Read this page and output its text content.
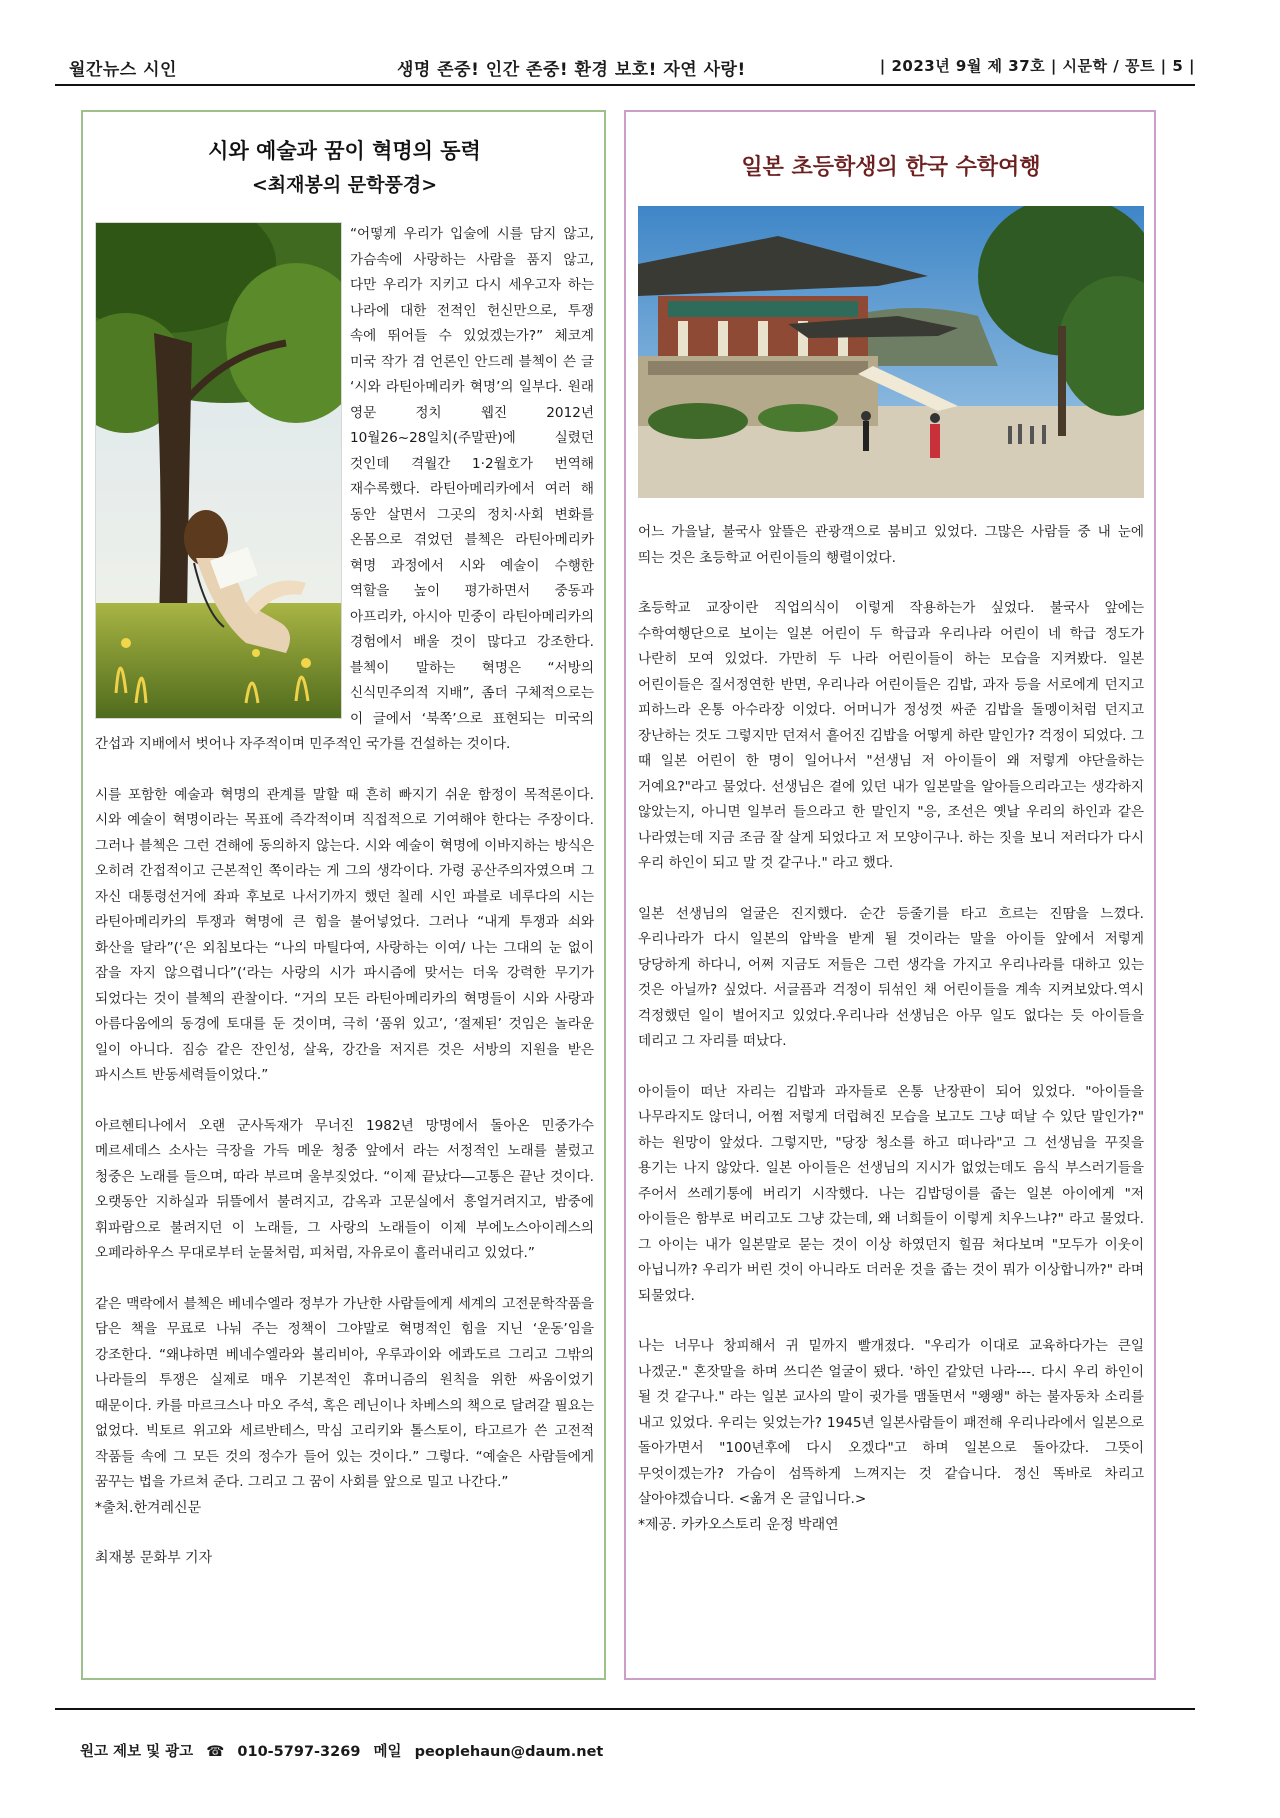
월간뉴스 시인	생명 존중! 인간 존중! 환경 보호! 자연 사랑!	| 2023년 9월 제 37호 | 시문학 / 꽁트 | 5 |
시와 예술과 꿈이 혁명의 동력
<최재봉의 문학풍경>

“어떻게 우리가 입술에 시를 담지 않고, 가슴속에 사랑하는 사람을 품지 않고, 다만 우리가 지키고 다시 세우고자 하는 나라에 대한 전적인 헌신만으로, 투쟁 속에 뛰어들 수 있었겠는가?” 체코계 미국 작가 겸 언론인 안드레 블첵이 쓴 글 ‘시와 라틴아메리카 혁명’의 일부다. 원래 영문 정치 웹진 2012년 10월26~28일치(주말판)에 실렸던 것인데 격월간 1·2월호가 번역해 재수록했다. 라틴아메리카에서 여러 해 동안 살면서 그곳의 정치·사회 변화를 온몸으로 겪었던 블첵은 라틴아메리카 혁명 과정에서 시와 예술이 수행한 역할을 높이 평가하면서 중동과 아프리카, 아시아 민중이 라틴아메리카의 경험에서 배울 것이 많다고 강조한다. 블첵이 말하는 혁명은 “서방의 신식민주의적 지배”, 좀더 구체적으로는 이 글에서 ‘북쪽’으로 표현되는 미국의 간섭과 지배에서 벗어나 자주적이며 민주적인 국가를 건설하는 것이다.

시를 포함한 예술과 혁명의 관계를 말할 때 흔히 빠지기 쉬운 함정이 목적론이다. 시와 예술이 혁명이라는 목표에 즉각적이며 직접적으로 기여해야 한다는 주장이다. 그러나 블첵은 그런 견해에 동의하지 않는다. 시와 예술이 혁명에 이바지하는 방식은 오히려 간접적이고 근본적인 쪽이라는 게 그의 생각이다. 가령 공산주의자였으며 그 자신 대통령선거에 좌파 후보로 나서기까지 했던 칠레 시인 파블로 네루다의 시는 라틴아메리카의 투쟁과 혁명에 큰 힘을 불어넣었다. 그러나 “내게 투쟁과 쇠와 화산을 달라”(‘은 외침보다는 “나의 마틸다여, 사랑하는 이여/ 나는 그대의 눈 없이 잠을 자지 않으렵니다”(‘라는 사랑의 시가 파시즘에 맞서는 더욱 강력한 무기가 되었다는 것이 블첵의 관찰이다. “거의 모든 라틴아메리카의 혁명들이 시와 사랑과 아름다움에의 동경에 토대를 둔 것이며, 극히 ‘품위 있고’, ‘절제된’ 것임은 놀라운 일이 아니다. 짐승 같은 잔인성, 살육, 강간을 저지른 것은 서방의 지원을 받은 파시스트 반동세력들이었다.”

아르헨티나에서 오랜 군사독재가 무너진 1982년 망명에서 돌아온 민중가수 메르세데스 소사는 극장을 가득 메운 청중 앞에서 라는 서정적인 노래를 불렀고 청중은 노래를 들으며, 따라 부르며 울부짖었다. “이제 끝났다―고통은 끝난 것이다. 오랫동안 지하실과 뒤뜰에서 불려지고, 감옥과 고문실에서 흥얼거려지고, 밤중에 휘파람으로 불려지던 이 노래들, 그 사랑의 노래들이 이제 부에노스아이레스의 오페라하우스 무대로부터 눈물처럼, 피처럼, 자유로이 흘러내리고 있었다.”

같은 맥락에서 블첵은 베네수엘라 정부가 가난한 사람들에게 세계의 고전문학작품을 담은 책을 무료로 나눠 주는 정책이 그야말로 혁명적인 힘을 지닌 ‘운동’임을 강조한다. “왜냐하면 베네수엘라와 볼리비아, 우루과이와 에콰도르 그리고 그밖의 나라들의 투쟁은 실제로 매우 기본적인 휴머니즘의 원칙을 위한 싸움이었기 때문이다. 카를 마르크스나 마오 주석, 혹은 레닌이나 차베스의 책으로 달려갈 필요는 없었다. 빅토르 위고와 세르반테스, 막심 고리키와 톨스토이, 타고르가 쓴 고전적 작품들 속에 그 모든 것의 정수가 들어 있는 것이다.” 그렇다. “예술은 사람들에게 꿈꾸는 법을 가르쳐 준다. 그리고 그 꿈이 사회를 앞으로 밀고 나간다.”

*출처.한겨레신문

최재봉 문화부 기자

일본 초등학생의 한국 수학여행

어느 가을날, 불국사 앞뜰은 관광객으로 붐비고 있었다. 그많은 사람들 중 내 눈에 띄는 것은 초등학교 어린이들의 행렬이었다.

초등학교 교장이란 직업의식이 이렇게 작용하는가 싶었다. 불국사 앞에는 수학여행단으로 보이는 일본 어린이 두 학급과 우리나라 어린이 네 학급 정도가 나란히 모여 있었다. 가만히 두 나라 어린이들이 하는 모습을 지켜봤다. 일본 어린이들은 질서정연한 반면, 우리나라 어린이들은 김밥, 과자 등을 서로에게 던지고 피하느라 온통 아수라장 이었다. 어머니가 정성껏 싸준 김밥을 돌멩이처럼 던지고 장난하는 것도 그렇지만 던져서 흩어진 김밥을 어떻게 하란 말인가? 걱정이 되었다. 그 때 일본 어린이 한 명이 일어나서 "선생님 저 아이들이 왜 저렇게 야단을하는 거예요?"라고 물었다. 선생님은 곁에 있던 내가 일본말을 알아들으리라고는 생각하지 않았는지, 아니면 일부러 들으라고 한 말인지 "응, 조선은 옛날 우리의 하인과 같은 나라였는데 지금 조금 잘 살게 되었다고 저 모양이구나. 하는 짓을 보니 저러다가 다시 우리 하인이 되고 말 것 같구나." 라고 했다.

일본 선생님의 얼굴은 진지했다. 순간 등줄기를 타고 흐르는 진땀을 느꼈다. 우리나라가 다시 일본의 압박을 받게 될 것이라는 말을 아이들 앞에서 저렇게 당당하게 하다니, 어쩌 지금도 저들은 그런 생각을 가지고 우리나라를 대하고 있는 것은 아닐까? 싶었다. 서글픔과 걱정이 뒤섞인 채 어린이들을 계속 지켜보았다.역시 걱정했던 일이 벌어지고 있었다.우리나라 선생님은 아무 일도 없다는 듯 아이들을 데리고 그 자리를 떠났다.

아이들이 떠난 자리는 김밥과 과자들로 온통 난장판이 되어 있었다. "아이들을 나무라지도 않더니, 어쩜 저렇게 더럽혀진 모습을 보고도 그냥 떠날 수 있단 말인가?" 하는 원망이 앞섰다. 그렇지만, "당장 청소를 하고 떠나라"고 그 선생님을 꾸짖을 용기는 나지 않았다. 일본 아이들은 선생님의 지시가 없었는데도 음식 부스러기들을 주어서 쓰레기통에 버리기 시작했다. 나는 김밥덩이를 줍는 일본 아이에게 "저 아이들은 함부로 버리고도 그냥 갔는데, 왜 너희들이 이렇게 치우느냐?" 라고 물었다. 그 아이는 내가 일본말로 묻는 것이 이상 하였던지 힐끔 쳐다보며 "모두가 이웃이 아닙니까? 우리가 버린 것이 아니라도 더러운 것을 줍는 것이 뭐가 이상합니까?" 라며 되물었다.

나는 너무나 창피해서 귀 밑까지 빨개졌다. "우리가 이대로 교육하다가는 큰일 나겠군." 혼잣말을 하며 쓰디쓴 얼굴이 됐다. '하인 같았던 나라---. 다시 우리 하인이 될 것 같구나." 라는 일본 교사의 말이 귓가를 맴돌면서 "왱왱" 하는 불자동차 소리를 내고 있었다. 우리는 잊었는가? 1945년 일본사람들이 패전해 우리나라에서 일본으로 돌아가면서 "100년후에 다시 오겠다"고 하며 일본으로 돌아갔다. 그뜻이 무엇이겠는가? 가슴이 섬뜩하게 느껴지는 것 같습니다. 정신 똑바로 차리고 살아야겠습니다. <옮겨 온 글입니다.>

*제공. 카카오스토리 운정 박래연

원고 제보 및 광고 ☎ 010-5797-3269 메일 peoplehaun@daum.net
